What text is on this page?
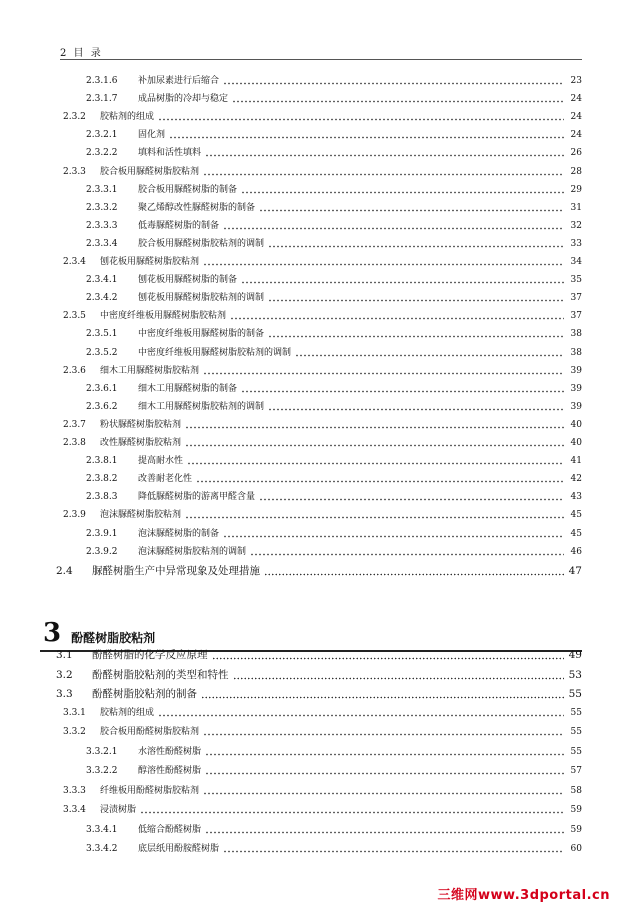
2 目 录
2.3.1.6	补加尿素进行后缩合	23
2.3.1.7	成品树脂的冷却与稳定	24
2.3.2	胶粘剂的组成	24
2.3.2.1	固化剂	24
2.3.2.2	填料和活性填料	26
2.3.3	胶合板用脲醛树脂胶粘剂	28
2.3.3.1	胶合板用脲醛树脂的制备	29
2.3.3.2	聚乙烯醇改性脲醛树脂的制备	31
2.3.3.3	低毒脲醛树脂的制备	32
2.3.3.4	胶合板用脲醛树脂胶粘剂的调制	33
2.3.4	刨花板用脲醛树脂胶粘剂	34
2.3.4.1	刨花板用脲醛树脂的制备	35
2.3.4.2	刨花板用脲醛树脂胶粘剂的调制	37
2.3.5	中密度纤维板用脲醛树脂胶粘剂	37
2.3.5.1	中密度纤维板用脲醛树脂的制备	38
2.3.5.2	中密度纤维板用脲醛树脂胶粘剂的调制	38
2.3.6	细木工用脲醛树脂胶粘剂	39
2.3.6.1	细木工用脲醛树脂的制备	39
2.3.6.2	细木工用脲醛树脂胶粘剂的调制	39
2.3.7	粉状脲醛树脂胶粘剂	40
2.3.8	改性脲醛树脂胶粘剂	40
2.3.8.1	提高耐水性	41
2.3.8.2	改善耐老化性	42
2.3.8.3	降低脲醛树脂的游离甲醛含量	43
2.3.9	泡沫脲醛树脂胶粘剂	45
2.3.9.1	泡沫脲醛树脂的制备	45
2.3.9.2	泡沫脲醛树脂胶粘剂的调制	46
2.4	脲醛树脂生产中异常现象及处理措施	47
3 酚醛树脂胶粘剂
3.1	酚醛树脂的化学反应原理	49
3.2	酚醛树脂胶粘剂的类型和特性	53
3.3	酚醛树脂胶粘剂的制备	55
3.3.1	胶粘剂的组成	55
3.3.2	胶合板用酚醛树脂胶粘剂	55
3.3.2.1	水溶性酚醛树脂	55
3.3.2.2	醇溶性酚醛树脂	57
3.3.3	纤维板用酚醛树脂胶粘剂	58
3.3.4	浸渍树脂	59
3.3.4.1	低缩合酚醛树脂	59
3.3.4.2	底层纸用酚胺醛树脂	60
三维网www.3dportal.cn
